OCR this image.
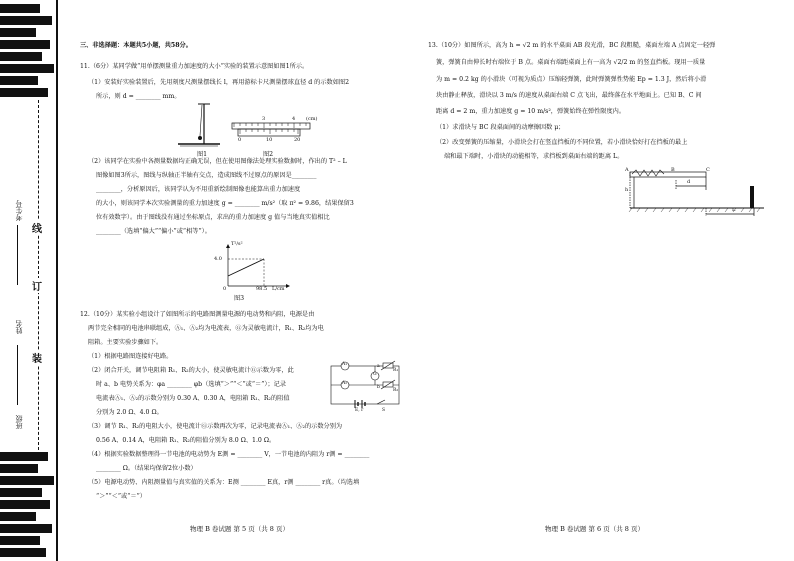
考生号
姓名
班级
线
订
装
三、非选择题：本题共5小题，共58分。
11.（6分）某同学做“用单摆测量重力加速度的大小”实验的装置示意图如图1所示。
（1）安装好实验装置后，先用刻度尺测量摆线长 l，再用游标卡尺测量摆球直径 d 的示数如图2
所示，则 d = ________ mm。
（2）该同学在实验中各测量数据均正确无误，但在使用图像法处理实验数据时，作出的 T² – L
图像如图3所示，图线与纵轴正半轴有交点，造成图线不过原点的原因是________
________，分析原因后，该同学认为不用重新绘制图像也能算出重力加速度
的大小，则该同学本次实验测量的重力加速度 g = ________ m/s²（取 π² = 9.86，结果保留3
位有效数字）。由于图线没有通过坐标原点，求出的重力加速度 g 值与当地真实值相比
________（选填“偏大”“偏小”或“相等”）。
图1
3	4 (cm)
0	10	20
图2
T²/s²
4.0
0	98.5 L/cm
图3
12.（10分）某实验小组设计了如图所示的电路图测量电源的电动势和内阻，电源是由
两节完全相同的电池串联组成，Ⓐ₁、Ⓐ₂均为电流表，Ⓖ为灵敏电流计，R₁、R₂均为电
阻箱。主要实验步骤如下。
（1）根据电路图连接好电路。
（2）闭合开关，调节电阻箱 R₁、R₂的大小，使灵敏电流计Ⓖ示数为零，此
时 a、b 电势关系为：φa ________ φb（选填“＞”“＜”或“＝”）；记录
电流表Ⓐ₁、Ⓐ₂的示数分别为 0.30 A、0.30 A，电阻箱 R₁、R₂的阻值
分别为 2.0 Ω、4.0 Ω。
（3）调节 R₁、R₂的电阻大小，使电流计Ⓖ示数再次为零，记录电流表Ⓐ₁、Ⓐ₂的示数分别为
0.56 A、0.14 A，电阻箱 R₁、R₂的阻值分别为 8.0 Ω、1.0 Ω。
（4）根据实验数据整理得一节电池的电动势为 E测 = ________ V，一节电池的内阻为 r测 = ________
________ Ω。（结果均保留2位小数）
（5）电源电动势、内阻测量值与真实值的关系为：E测 ________ E真，r测 ________ r真。（均选填
“＞”“＜”或“＝”）
A₁
A₂
G
R₁
R₂
a
b
E, r	S
物理 B 卷试题 第 5 页（共 8 页）
13.（10分）如图所示，高为 h = √2 m 的水平桌面 AB 段光滑，BC 段粗糙，桌面左端 A 点固定一轻弹
簧，弹簧自由伸长时右端位于 B 点。桌面右端距桌面上有一高为 √2/2 m 的竖直挡板。现用一质量
为 m = 0.2 kg 的小滑块（可视为质点）压缩轻弹簧，此时弹簧弹性势能 Ep = 1.3 J，然后将小滑
块由静止释放，滑块以 3 m/s 的速度从桌面右端 C 点飞出，最终落在水平地面上。已知 B、C 间
距离 d = 2 m，重力加速度 g = 10 m/s²，弹簧始终在弹性限度内。
（1）求滑块与 BC 段桌面间的动摩擦因数 μ；
（2）改变弹簧的压缩量，小滑块会打在竖直挡板的不同位置，若小滑块恰好打在挡板的最上
端和最下端时，小滑块的动能相等，求挡板到桌面右端的距离 L。
A	B	C
h
d
L
物理 B 卷试题 第 6 页（共 8 页）
